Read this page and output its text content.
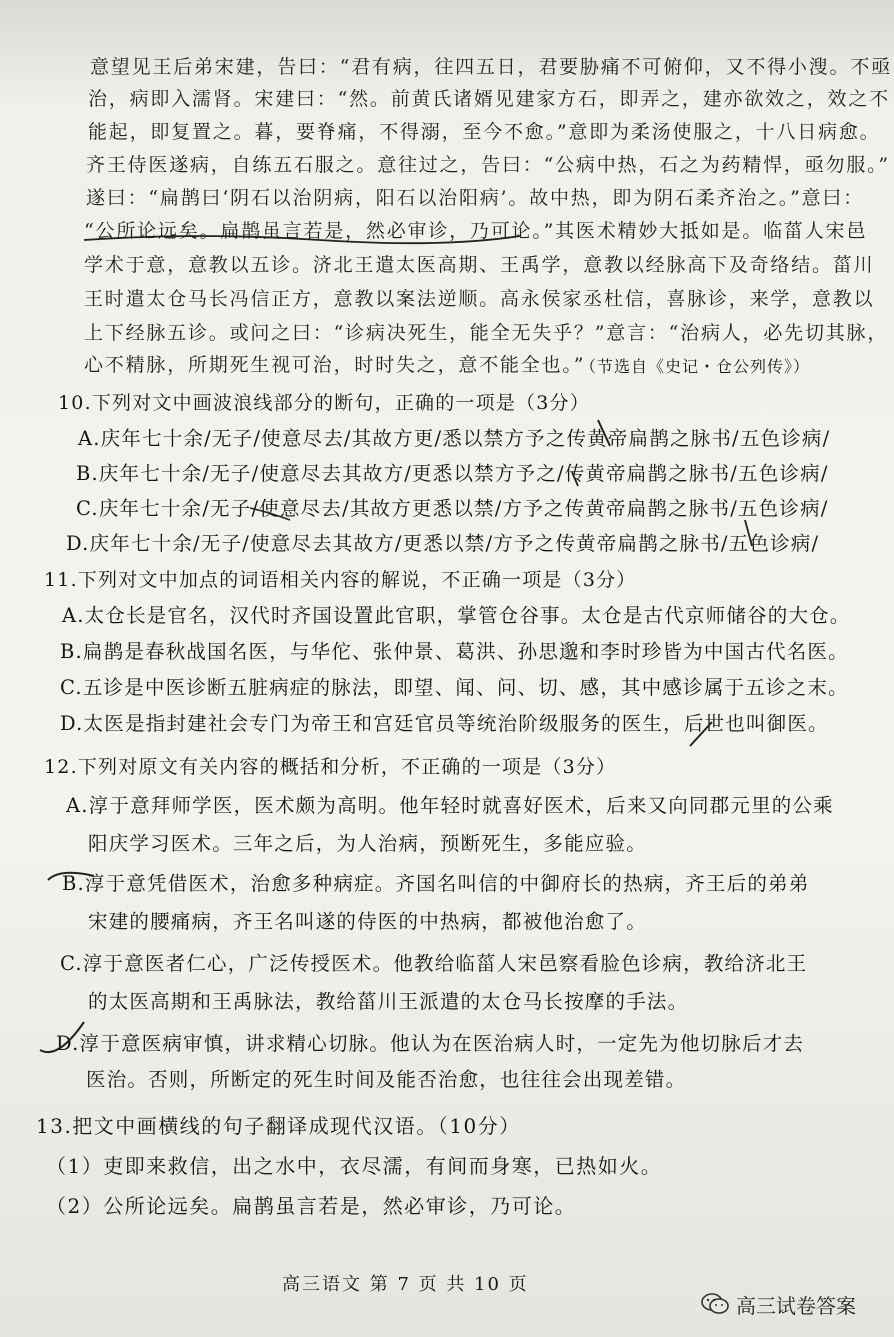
意望见王后弟宋建，告曰：“君有病，往四五日，君要胁痛不可俯仰，又不得小溲。不亟
治，病即入濡肾。宋建曰：“然。前黄氏诸婿见建家方石，即弄之，建亦欲效之，效之不
能起，即复置之。暮，要脊痛，不得溺，至今不愈。”意即为柔汤使服之，十八日病愈。
齐王侍医遂病，自练五石服之。意往过之，告曰：“公病中热，石之为药精悍，亟勿服。”
遂曰：“扁鹊曰‘阴石以治阴病，阳石以治阳病’。故中热，即为阴石柔齐治之。”意曰：
“公所论远矣。扁鹊虽言若是，然必审诊，乃可论。”其医术精妙大抵如是。临菑人宋邑
学术于意，意教以五诊。济北王遣太医高期、王禹学，意教以经脉高下及奇络结。菑川
王时遣太仓马长冯信正方，意教以案法逆顺。高永侯家丞杜信，喜脉诊，来学，意教以
上下经脉五诊。或问之曰：“诊病决死生，能全无失乎？”意言：“治病人，必先切其脉，
心不精脉，所期死生视可治，时时失之，意不能全也。”
（节选自《史记・仓公列传》）
10.下列对文中画波浪线部分的断句，正确的一项是（3分）
A.庆年七十余/无子/使意尽去/其故方更/悉以禁方予之传黄帝扁鹊之脉书/五色诊病/
B.庆年七十余/无子/使意尽去其故方/更悉以禁方予之/传黄帝扁鹊之脉书/五色诊病/
C.庆年七十余/无子/使意尽去/其故方更悉以禁/方予之传黄帝扁鹊之脉书/五色诊病/
D.庆年七十余/无子/使意尽去其故方/更悉以禁/方予之传黄帝扁鹊之脉书/五色诊病/
11.下列对文中加点的词语相关内容的解说，不正确一项是（3分）
A.太仓长是官名，汉代时齐国设置此官职，掌管仓谷事。太仓是古代京师储谷的大仓。
B.扁鹊是春秋战国名医，与华佗、张仲景、葛洪、孙思邈和李时珍皆为中国古代名医。
C.五诊是中医诊断五脏病症的脉法，即望、闻、问、切、感，其中感诊属于五诊之末。
D.太医是指封建社会专门为帝王和宫廷官员等统治阶级服务的医生，后世也叫御医。
12.下列对原文有关内容的概括和分析，不正确的一项是（3分）
A.淳于意拜师学医，医术颇为高明。他年轻时就喜好医术，后来又向同郡元里的公乘
阳庆学习医术。三年之后，为人治病，预断死生，多能应验。
B.淳于意凭借医术，治愈多种病症。齐国名叫信的中御府长的热病，齐王后的弟弟
宋建的腰痛病，齐王名叫遂的侍医的中热病，都被他治愈了。
C.淳于意医者仁心，广泛传授医术。他教给临菑人宋邑察看脸色诊病，教给济北王
的太医高期和王禹脉法，教给菑川王派遣的太仓马长按摩的手法。
D.淳于意医病审慎，讲求精心切脉。他认为在医治病人时，一定先为他切脉后才去
医治。否则，所断定的死生时间及能否治愈，也往往会出现差错。
13.把文中画横线的句子翻译成现代汉语。（10分）
（1）吏即来救信，出之水中，衣尽濡，有间而身寒，已热如火。
（2）公所论远矣。扁鹊虽言若是，然必审诊，乃可论。
高三语文 第 7 页 共 10 页
高三试卷答案
